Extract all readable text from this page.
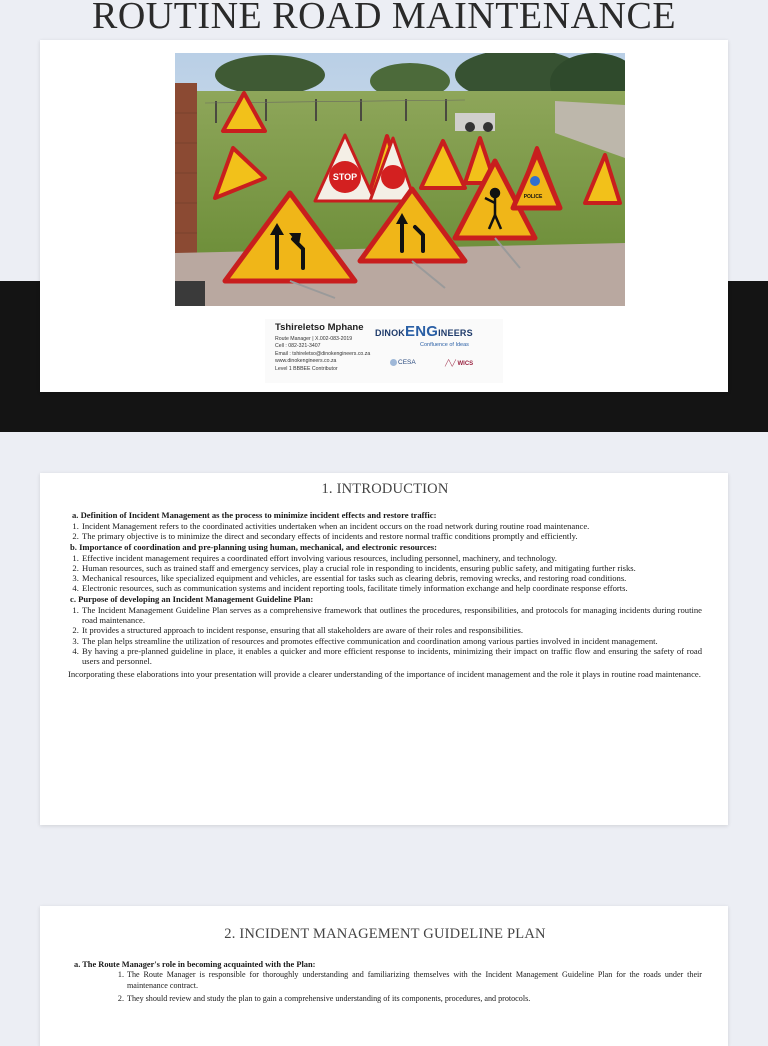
ROUTINE ROAD MAINTENANCE
STOP
POLICE
Tshireletso Mphane
Route Manager | X.002-083-2019
Cell : 082-321-3407
Email : tshireletso@dinokengineers.co.za
www.dinokengineers.co.za
Level 1 BBBEE Contributor
DINOKENGINEERS
Confluence of Ideas
CESA	╱╲╱ WICS
1. INTRODUCTION
a. Definition of Incident Management as the process to minimize incident effects and restore traffic:
1. Incident Management refers to the coordinated activities undertaken when an incident occurs on the road network during routine road maintenance.
2. The primary objective is to minimize the direct and secondary effects of incidents and restore normal traffic conditions promptly and efficiently.
b. Importance of coordination and pre-planning using human, mechanical, and electronic resources:
1. Effective incident management requires a coordinated effort involving various resources, including personnel, machinery, and technology.
2. Human resources, such as trained staff and emergency services, play a crucial role in responding to incidents, ensuring public safety, and mitigating further risks.
3. Mechanical resources, like specialized equipment and vehicles, are essential for tasks such as clearing debris, removing wrecks, and restoring road conditions.
4. Electronic resources, such as communication systems and incident reporting tools, facilitate timely information exchange and help coordinate response efforts.
c. Purpose of developing an Incident Management Guideline Plan:
1. The Incident Management Guideline Plan serves as a comprehensive framework that outlines the procedures, responsibilities, and protocols for managing incidents during routine road maintenance.
2. It provides a structured approach to incident response, ensuring that all stakeholders are aware of their roles and responsibilities.
3. The plan helps streamline the utilization of resources and promotes effective communication and coordination among various parties involved in incident management.
4. By having a pre-planned guideline in place, it enables a quicker and more efficient response to incidents, minimizing their impact on traffic flow and ensuring the safety of road users and personnel.
Incorporating these elaborations into your presentation will provide a clearer understanding of the importance of incident management and the role it plays in routine road maintenance.
2. INCIDENT MANAGEMENT GUIDELINE PLAN
a. The Route Manager's role in becoming acquainted with the Plan:
1. The Route Manager is responsible for thoroughly understanding and familiarizing themselves with the Incident Management Guideline Plan for the roads under their maintenance contract.
2. They should review and study the plan to gain a comprehensive understanding of its components, procedures, and protocols.
